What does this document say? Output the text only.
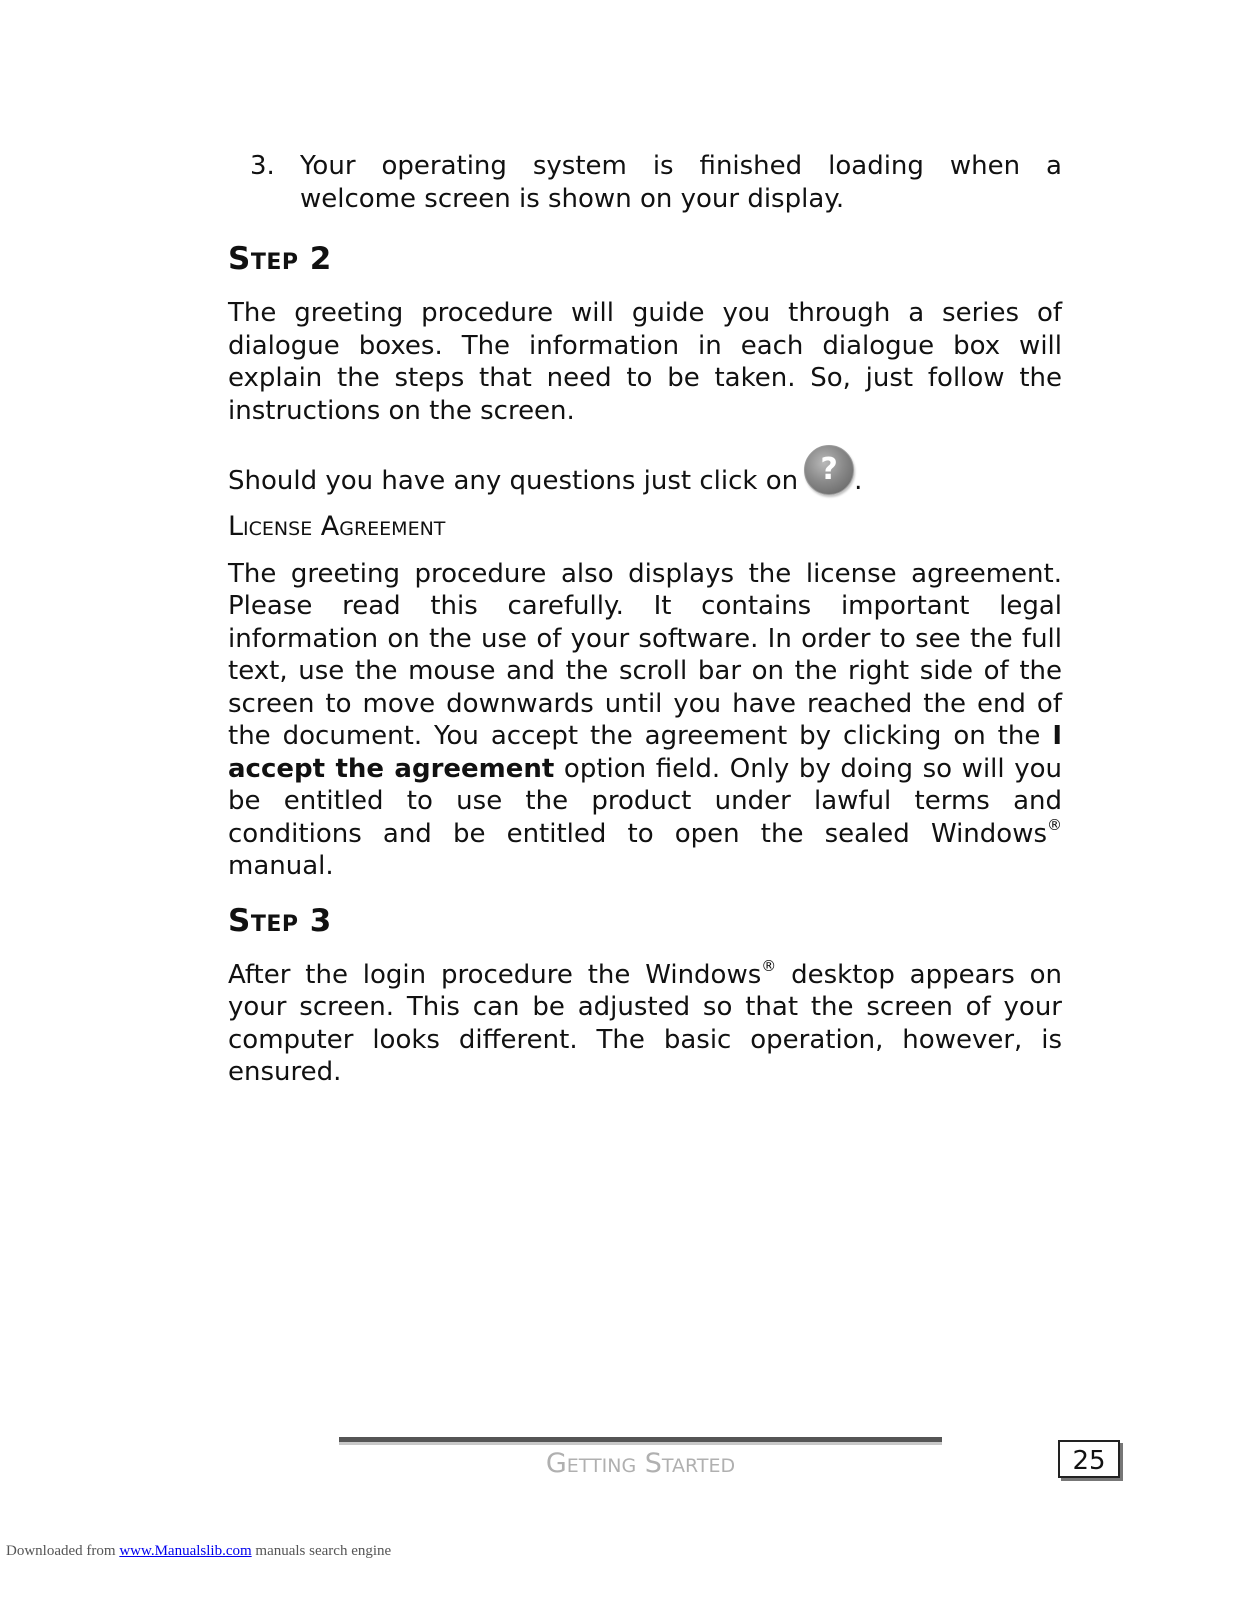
3. Your operating system is finished loading when a welcome screen is shown on your display.
Step 2

The greeting procedure will guide you through a series of dialogue boxes. The information in each dialogue box will explain the steps that need to be taken. So, just follow the instructions on the screen.

Should you have any questions just click on ? .

License Agreement

The greeting procedure also displays the license agreement. Please read this carefully. It contains important legal information on the use of your software. In order to see the full text, use the mouse and the scroll bar on the right side of the screen to move downwards until you have reached the end of the document. You accept the agreement by clicking on the I accept the agreement option field. Only by doing so will you be entitled to use the product under lawful terms and conditions and be entitled to open the sealed Windows® manual.

Step 3

After the login procedure the Windows® desktop appears on your screen. This can be adjusted so that the screen of your computer looks different. The basic operation, however, is ensured.

Getting Started	25
Downloaded from www.Manualslib.com manuals search engine
